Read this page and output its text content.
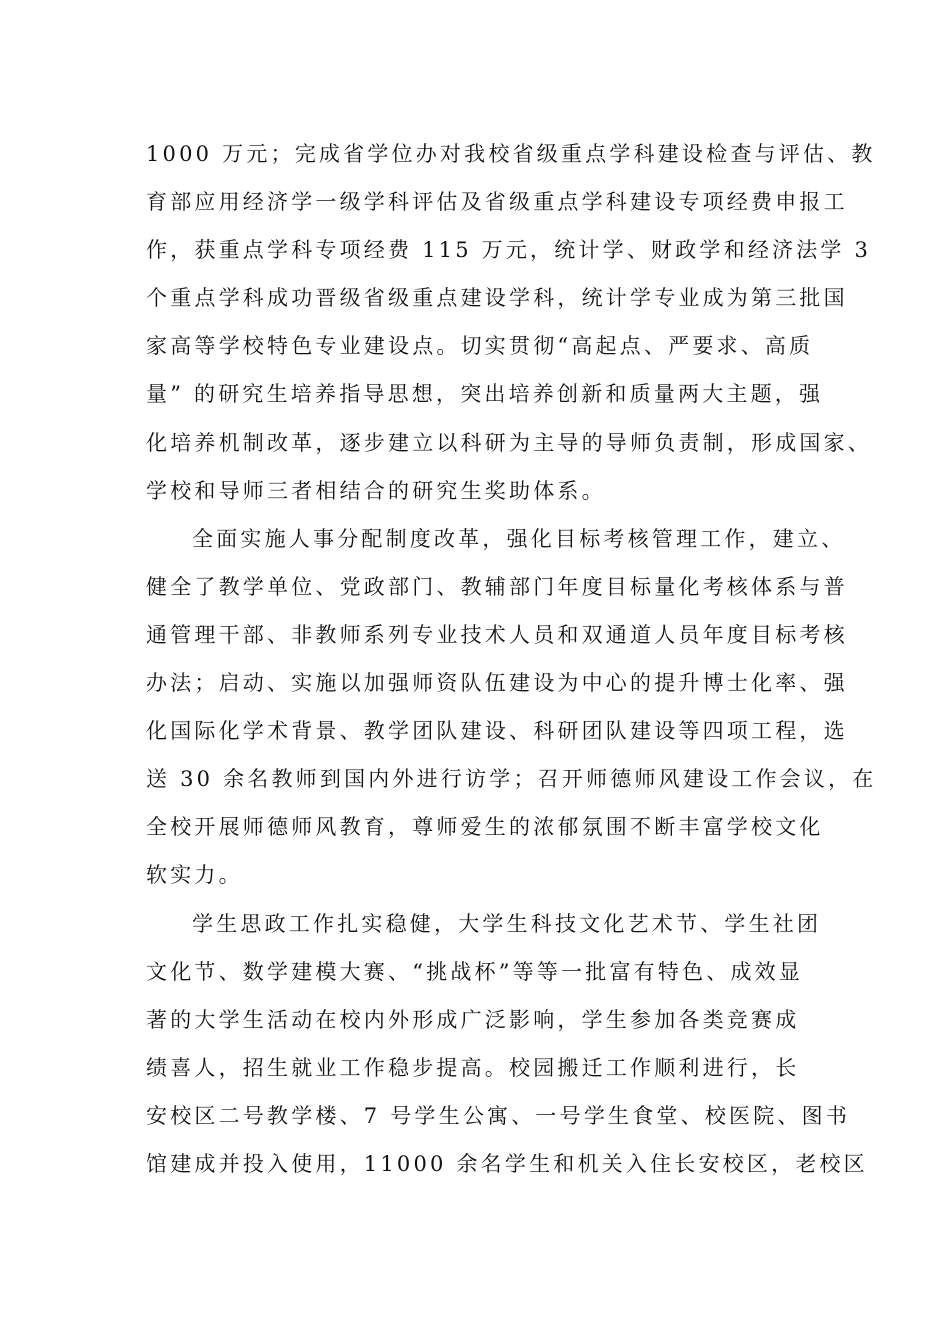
1000 万元；完成省学位办对我校省级重点学科建设检查与评估、教
育部应用经济学一级学科评估及省级重点学科建设专项经费申报工
作，获重点学科专项经费 115 万元，统计学、财政学和经济法学 3
个重点学科成功晋级省级重点建设学科，统计学专业成为第三批国
家高等学校特色专业建设点。切实贯彻“高起点、严要求、高质
量” 的研究生培养指导思想，突出培养创新和质量两大主题，强
化培养机制改革，逐步建立以科研为主导的导师负责制，形成国家、
学校和导师三者相结合的研究生奖助体系。
全面实施人事分配制度改革，强化目标考核管理工作，建立、
健全了教学单位、党政部门、教辅部门年度目标量化考核体系与普
通管理干部、非教师系列专业技术人员和双通道人员年度目标考核
办法；启动、实施以加强师资队伍建设为中心的提升博士化率、强
化国际化学术背景、教学团队建设、科研团队建设等四项工程，选
送 30 余名教师到国内外进行访学；召开师德师风建设工作会议，在
全校开展师德师风教育，尊师爱生的浓郁氛围不断丰富学校文化
软实力。
学生思政工作扎实稳健，大学生科技文化艺术节、学生社团
文化节、数学建模大赛、“挑战杯”等等一批富有特色、成效显
著的大学生活动在校内外形成广泛影响，学生参加各类竞赛成
绩喜人，招生就业工作稳步提高。校园搬迁工作顺利进行，长
安校区二号教学楼、7 号学生公寓、一号学生食堂、校医院、图书
馆建成并投入使用，11000 余名学生和机关入住长安校区，老校区
